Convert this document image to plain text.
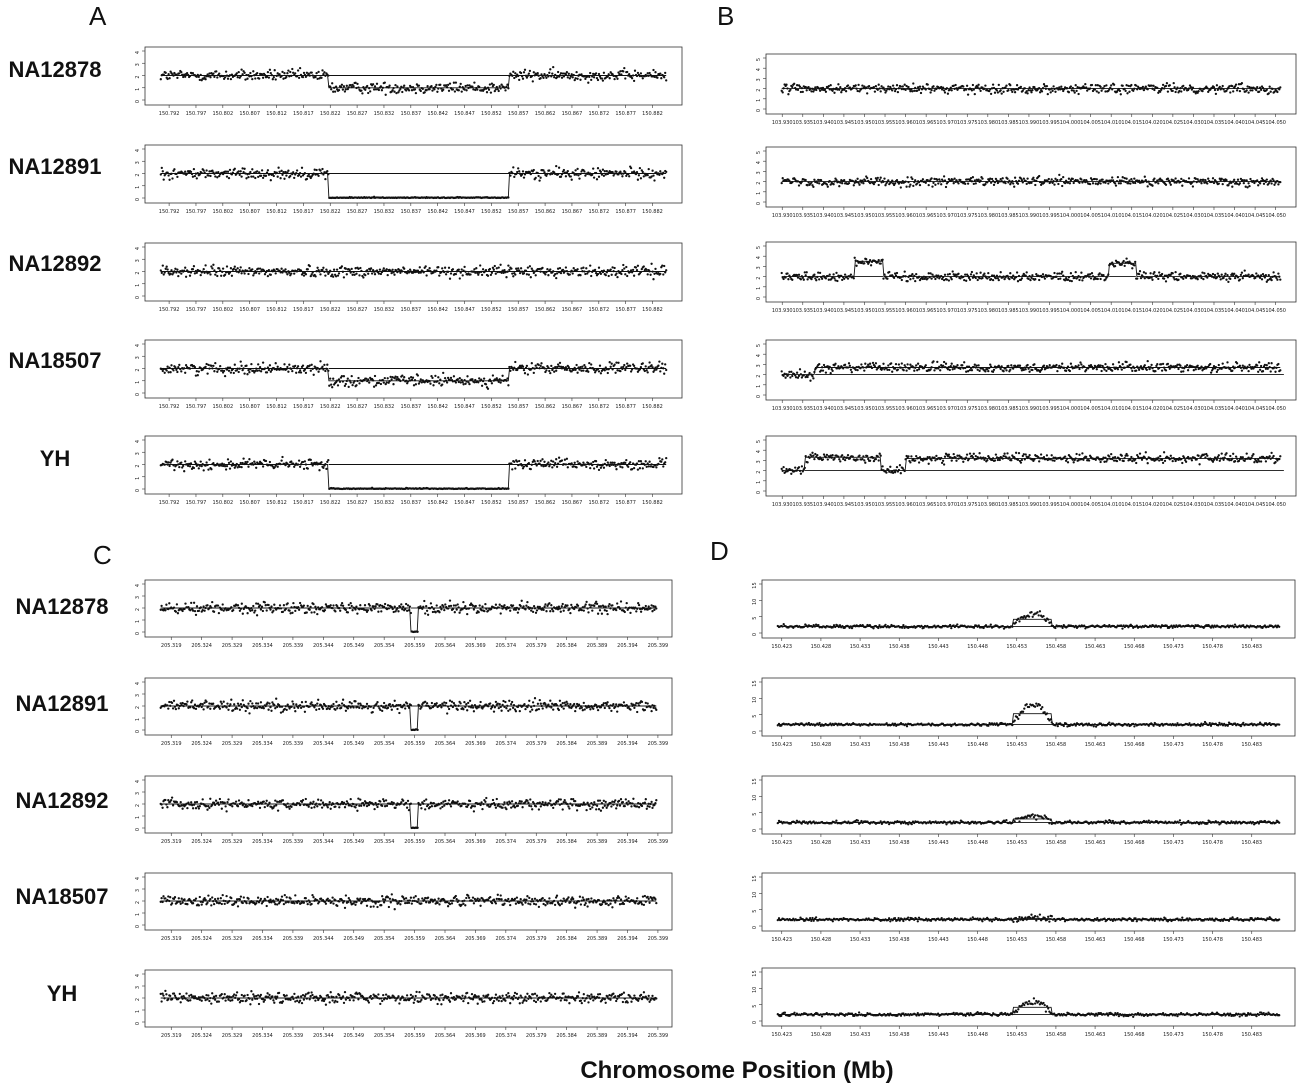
A	B
C	D
NA12878
0
1
2
3
4
150.792 150.797 150.802 150.807 150.812 150.817 150.822 150.827 150.832 150.837 150.842 150.847 150.852 150.857 150.862 150.867 150.872 150.877 150.882
NA12891
0
1
2
3
4
150.792 150.797 150.802 150.807 150.812 150.817 150.822 150.827 150.832 150.837 150.842 150.847 150.852 150.857 150.862 150.867 150.872 150.877 150.882
NA12892
0
1
2
3
4
150.792 150.797 150.802 150.807 150.812 150.817 150.822 150.827 150.832 150.837 150.842 150.847 150.852 150.857 150.862 150.867 150.872 150.877 150.882
NA18507
0
1
2
3
4
150.792 150.797 150.802 150.807 150.812 150.817 150.822 150.827 150.832 150.837 150.842 150.847 150.852 150.857 150.862 150.867 150.872 150.877 150.882
YH
0
1
2
3
4
150.792 150.797 150.802 150.807 150.812 150.817 150.822 150.827 150.832 150.837 150.842 150.847 150.852 150.857 150.862 150.867 150.872 150.877 150.882
0
1
2
3
4
5
103.930 103.935 103.940 103.945 103.950 103.955 103.960 103.965 103.970 103.975 103.980 103.985 103.990 103.995 104.000 104.005 104.010 104.015 104.020 104.025 104.030 104.035 104.040 104.045 104.050
0
1
2
3
4
5
103.930 103.935 103.940 103.945 103.950 103.955 103.960 103.965 103.970 103.975 103.980 103.985 103.990 103.995 104.000 104.005 104.010 104.015 104.020 104.025 104.030 104.035 104.040 104.045 104.050
0
1
2
3
4
5
103.930 103.935 103.940 103.945 103.950 103.955 103.960 103.965 103.970 103.975 103.980 103.985 103.990 103.995 104.000 104.005 104.010 104.015 104.020 104.025 104.030 104.035 104.040 104.045 104.050
0
1
2
3
4
5
103.930 103.935 103.940 103.945 103.950 103.955 103.960 103.965 103.970 103.975 103.980 103.985 103.990 103.995 104.000 104.005 104.010 104.015 104.020 104.025 104.030 104.035 104.040 104.045 104.050
0
1
2
3
4
5
103.930 103.935 103.940 103.945 103.950 103.955 103.960 103.965 103.970 103.975 103.980 103.985 103.990 103.995 104.000 104.005 104.010 104.015 104.020 104.025 104.030 104.035 104.040 104.045 104.050
NA12878
0
1
2
3
4
205.319 205.324 205.329 205.334 205.339 205.344 205.349 205.354 205.359 205.364 205.369 205.374 205.379 205.384 205.389 205.394 205.399
NA12891
0
1
2
3
4
205.319 205.324 205.329 205.334 205.339 205.344 205.349 205.354 205.359 205.364 205.369 205.374 205.379 205.384 205.389 205.394 205.399
NA12892
0
1
2
3
4
205.319 205.324 205.329 205.334 205.339 205.344 205.349 205.354 205.359 205.364 205.369 205.374 205.379 205.384 205.389 205.394 205.399
NA18507
0
1
2
3
4
205.319 205.324 205.329 205.334 205.339 205.344 205.349 205.354 205.359 205.364 205.369 205.374 205.379 205.384 205.389 205.394 205.399
YH
0
1
2
3
4
205.319 205.324 205.329 205.334 205.339 205.344 205.349 205.354 205.359 205.364 205.369 205.374 205.379 205.384 205.389 205.394 205.399
0
5
10
15
150.423	150.428	150.433	150.438	150.443	150.448	150.453	150.458	150.463	150.468	150.473	150.478	150.483
0
5
10
15
150.423	150.428	150.433	150.438	150.443	150.448	150.453	150.458	150.463	150.468	150.473	150.478	150.483
0
5
10
15
150.423	150.428	150.433	150.438	150.443	150.448	150.453	150.458	150.463	150.468	150.473	150.478	150.483
0
5
10
15
150.423	150.428	150.433	150.438	150.443	150.448	150.453	150.458	150.463	150.468	150.473	150.478	150.483
0
5
10
15
150.423	150.428	150.433	150.438	150.443	150.448	150.453	150.458	150.463	150.468	150.473	150.478	150.483
Chromosome Position (Mb)
